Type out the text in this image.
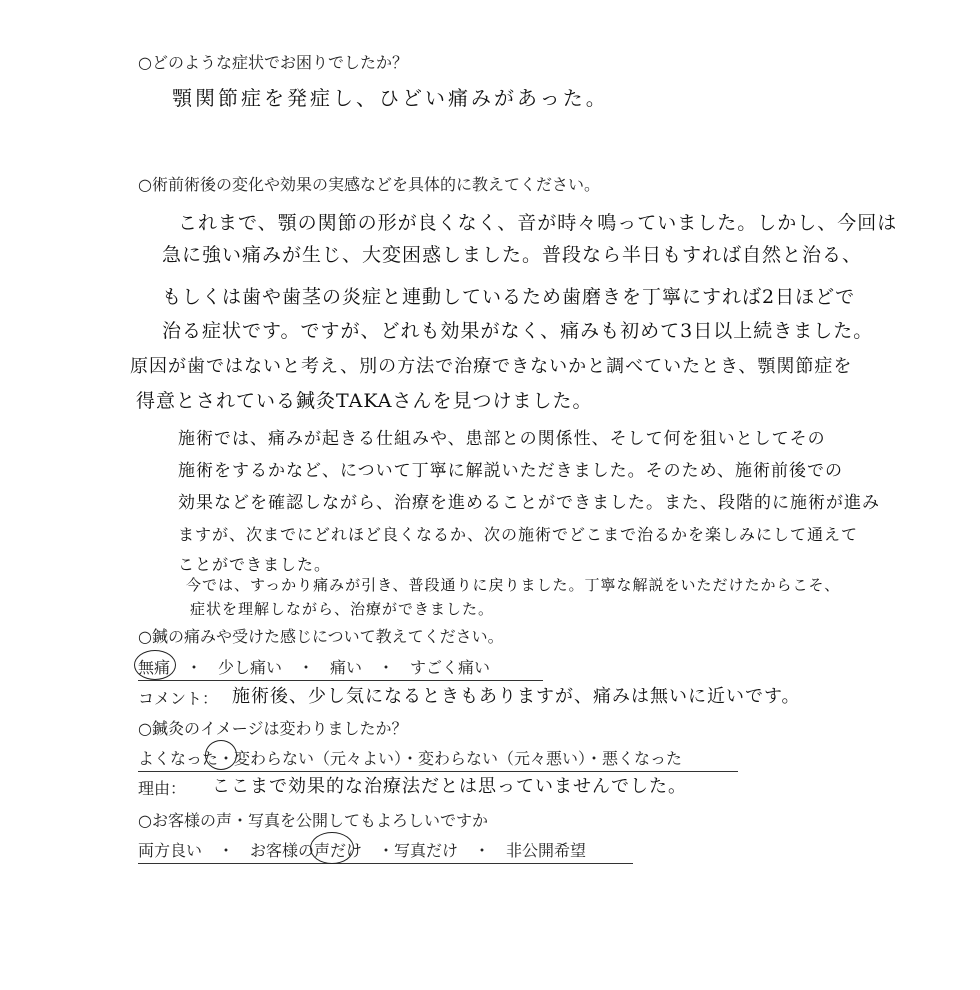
○どのような症状でお困りでしたか？
顎関節症を発症し、ひどい痛みがあった。
○術前術後の変化や効果の実感などを具体的に教えてください。
これまで、顎の関節の形が良くなく、音が時々鳴っていました。しかし、今回は
急に強い痛みが生じ、大変困惑しました。普段なら半日もすれば自然と治る、
もしくは歯や歯茎の炎症と連動しているため歯磨きを丁寧にすれば2日ほどで
治る症状です。ですが、どれも効果がなく、痛みも初めて3日以上続きました。
原因が歯ではないと考え、別の方法で治療できないかと調べていたとき、顎関節症を
得意とされている鍼灸TAKAさんを見つけました。
施術では、痛みが起きる仕組みや、患部との関係性、そして何を狙いとしてその
施術をするかなど、について丁寧に解説いただきました。そのため、施術前後での
効果などを確認しながら、治療を進めることができました。また、段階的に施術が進み
ますが、次までにどれほど良くなるか、次の施術でどこまで治るかを楽しみにして通えて
ことができました。
今では、すっかり痛みが引き、普段通りに戻りました。丁寧な解説をいただけたからこそ、
症状を理解しながら、治療ができました。
○鍼の痛みや受けた感じについて教えてください。
無痛　・　少し痛い　・　痛い　・　すごく痛い
コメント： 施術後、少し気になるときもありますが、痛みは無いに近いです。
○鍼灸のイメージは変わりましたか？
よくなった・変わらない（元々よい）・変わらない（元々悪い）・悪くなった
理由： ここまで効果的な治療法だとは思っていませんでした。
○お客様の声・写真を公開してもよろしいですか
両方良い　・　お客様の声だけ　・写真だけ　・　非公開希望
